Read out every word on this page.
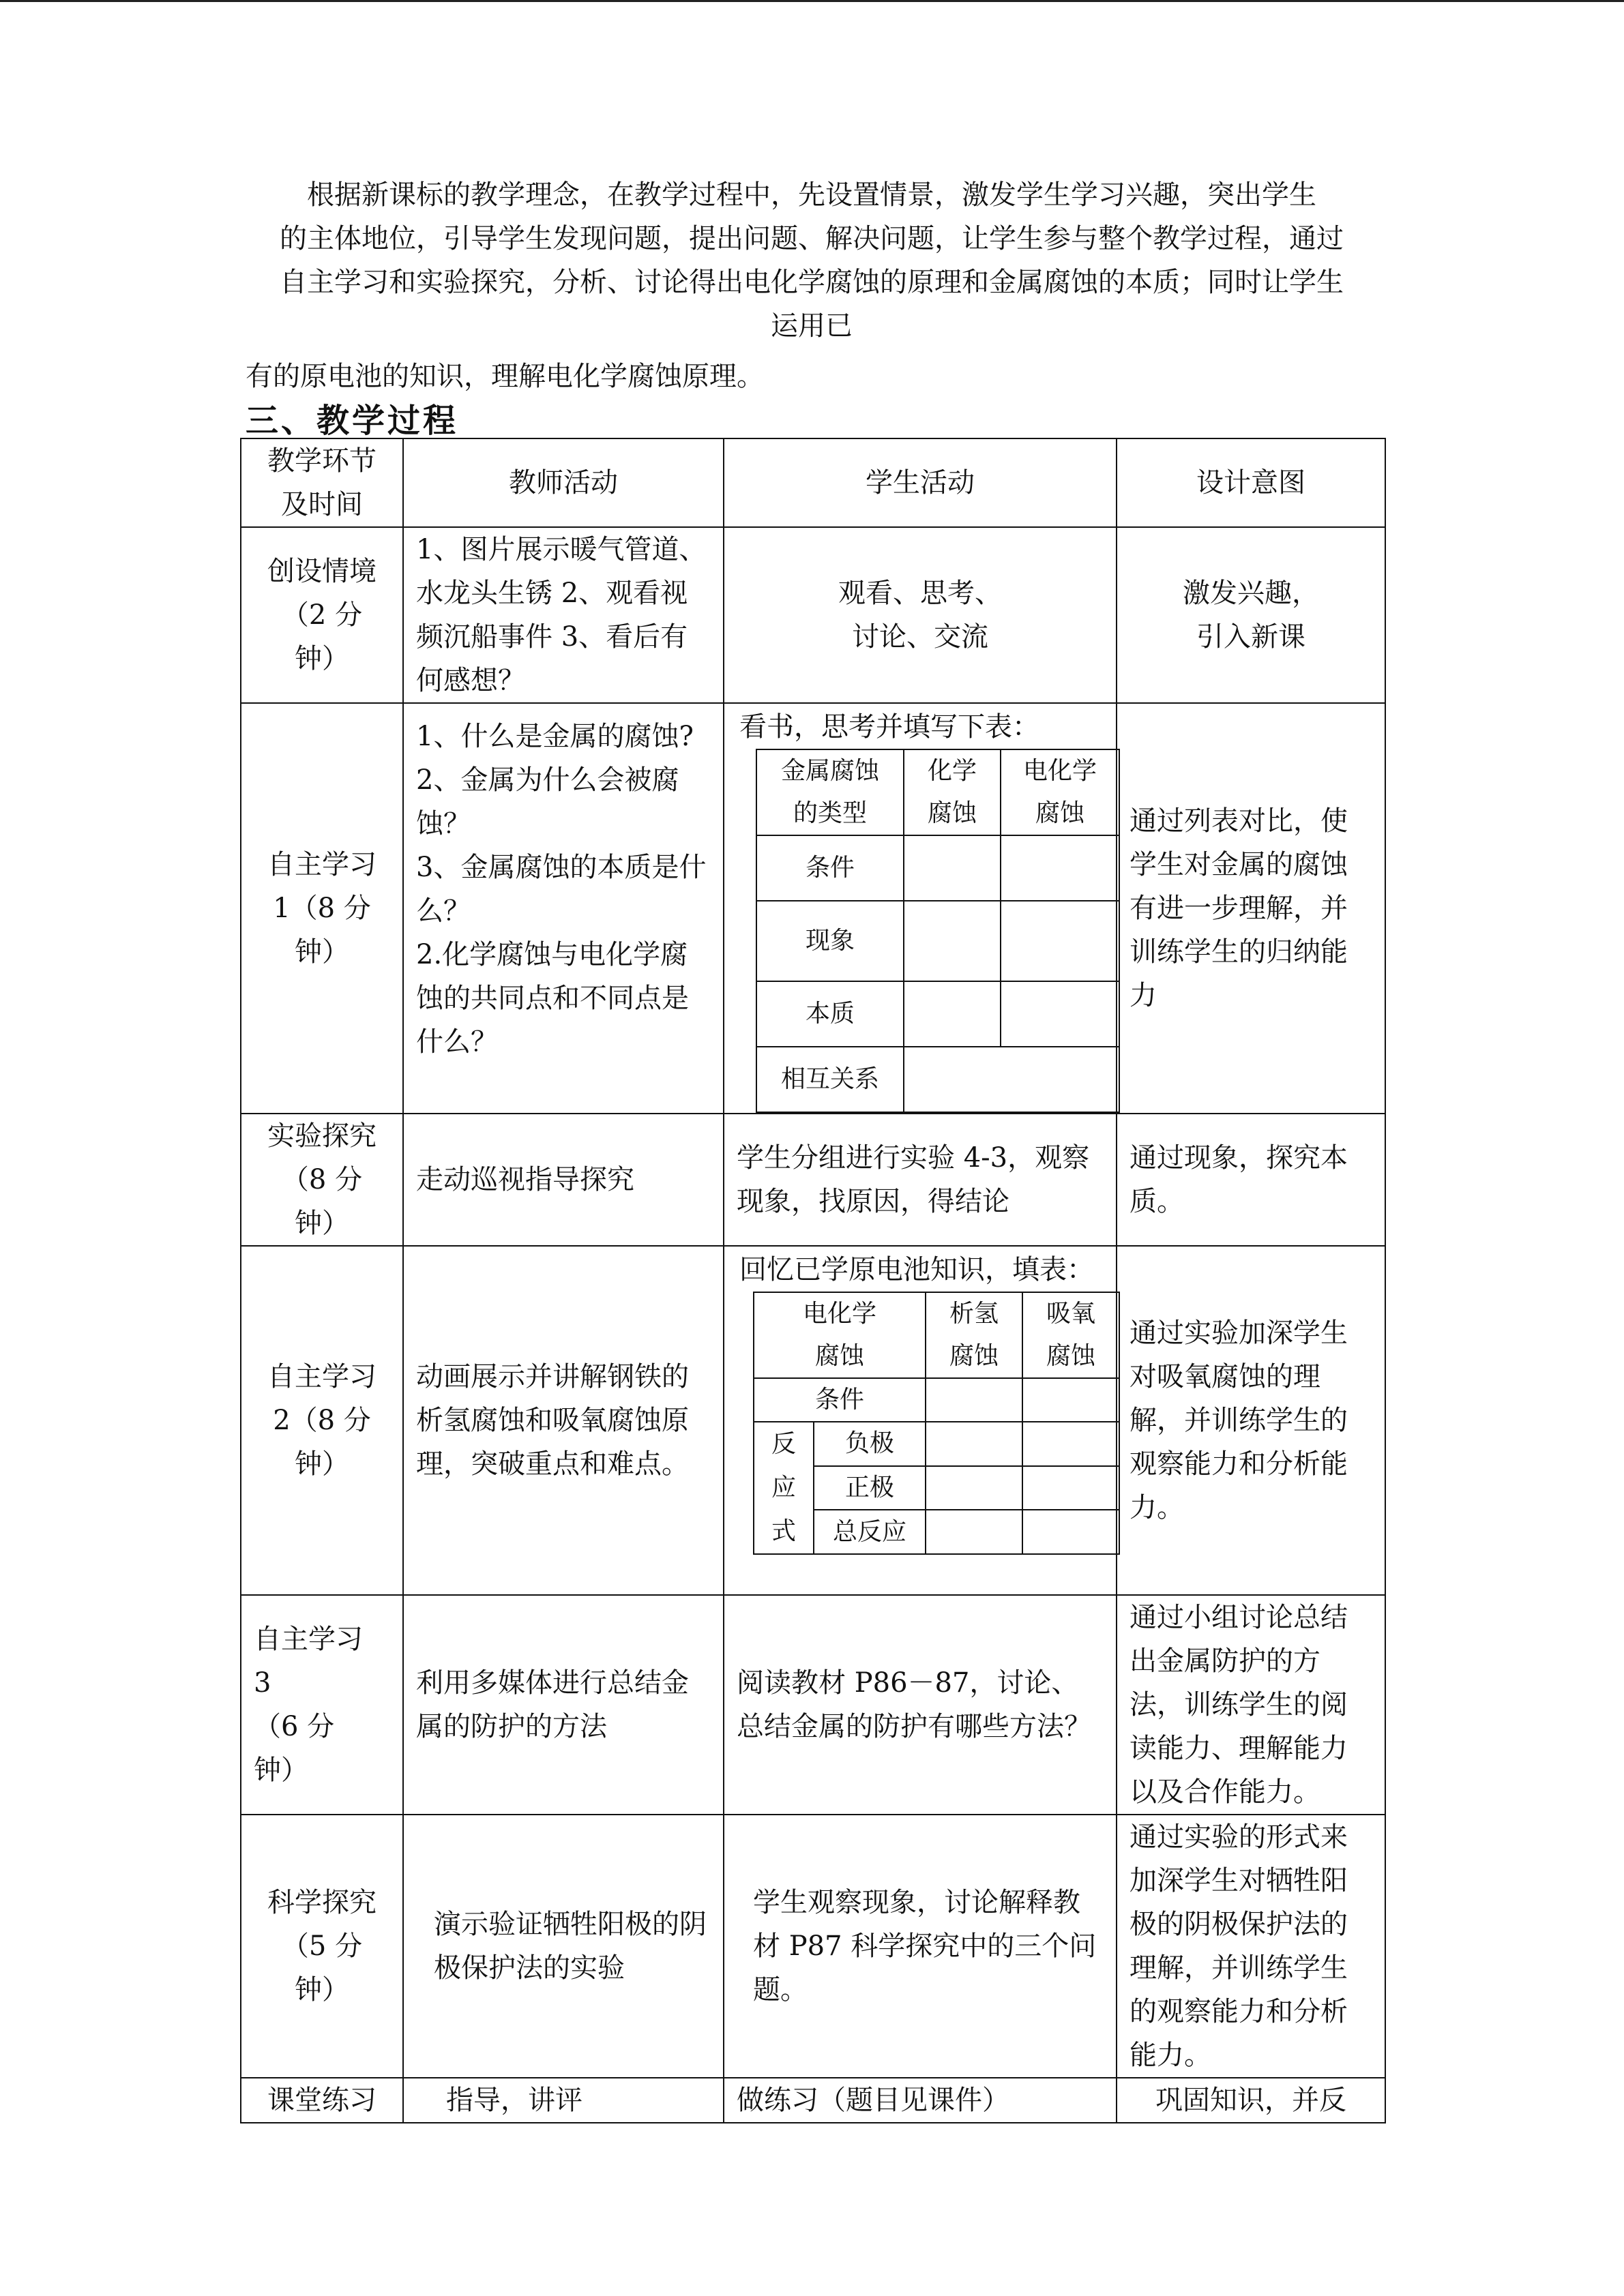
根据新课标的教学理念，在教学过程中，先设置情景，激发学生学习兴趣，突出学生

的主体地位，引导学生发现问题，提出问题、解决问题，让学生参与整个教学过程，通过

自主学习和实验探究，分析、讨论得出电化学腐蚀的原理和金属腐蚀的本质；同时让学生

运用已

有的原电池的知识，理解电化学腐蚀原理。
三、教学过程
教学环节
及时间	教师活动	学生活动	设计意图
创设情境
（2 分
钟）	1、图片展示暖气管道、水龙头生锈 2、观看视频沉船事件 3、看后有何感想？	观看、思考、
讨论、交流	激发兴趣，
引入新课
自主学习
1（8 分
钟）	1、什么是金属的腐蚀?
2、金属为什么会被腐蚀？
3、金属腐蚀的本质是什么？
2.化学腐蚀与电化学腐蚀的共同点和不同点是什么？	
看书，思考并填写下表：
金属腐蚀
的类型	化学
腐蚀	电化学
腐蚀
条件		
现象		
本质		
相互关系	
	通过列表对比，使学生对金属的腐蚀有进一步理解，并训练学生的归纳能力
实验探究
（8 分
钟）	走动巡视指导探究	学生分组进行实验 4-3，观察现象，找原因，得结论	通过现象，探究本质。
自主学习
2（8 分
钟）	动画展示并讲解钢铁的析氢腐蚀和吸氧腐蚀原理，突破重点和难点。	
回忆已学原电池知识，填表：
电化学
腐蚀	析氢
腐蚀	吸氧
腐蚀
条件		
反
应
式	负极		
正极		
总反应		
	通过实验加深学生对吸氧腐蚀的理解，并训练学生的观察能力和分析能力。
自主学习
3
（6 分
钟）	利用多媒体进行总结金属的防护的方法	阅读教材 P86－87，讨论、总结金属的防护有哪些方法？	通过小组讨论总结出金属防护的方法，训练学生的阅读能力、理解能力以及合作能力。
科学探究
（5 分
钟）	演示验证牺牲阳极的阴极保护法的实验	学生观察现象，讨论解释教材 P87 科学探究中的三个问题。	通过实验的形式来加深学生对牺牲阳极的阴极保护法的理解，并训练学生的观察能力和分析能力。
课堂练习	指导，讲评	做练习（题目见课件）	巩固知识，并反
